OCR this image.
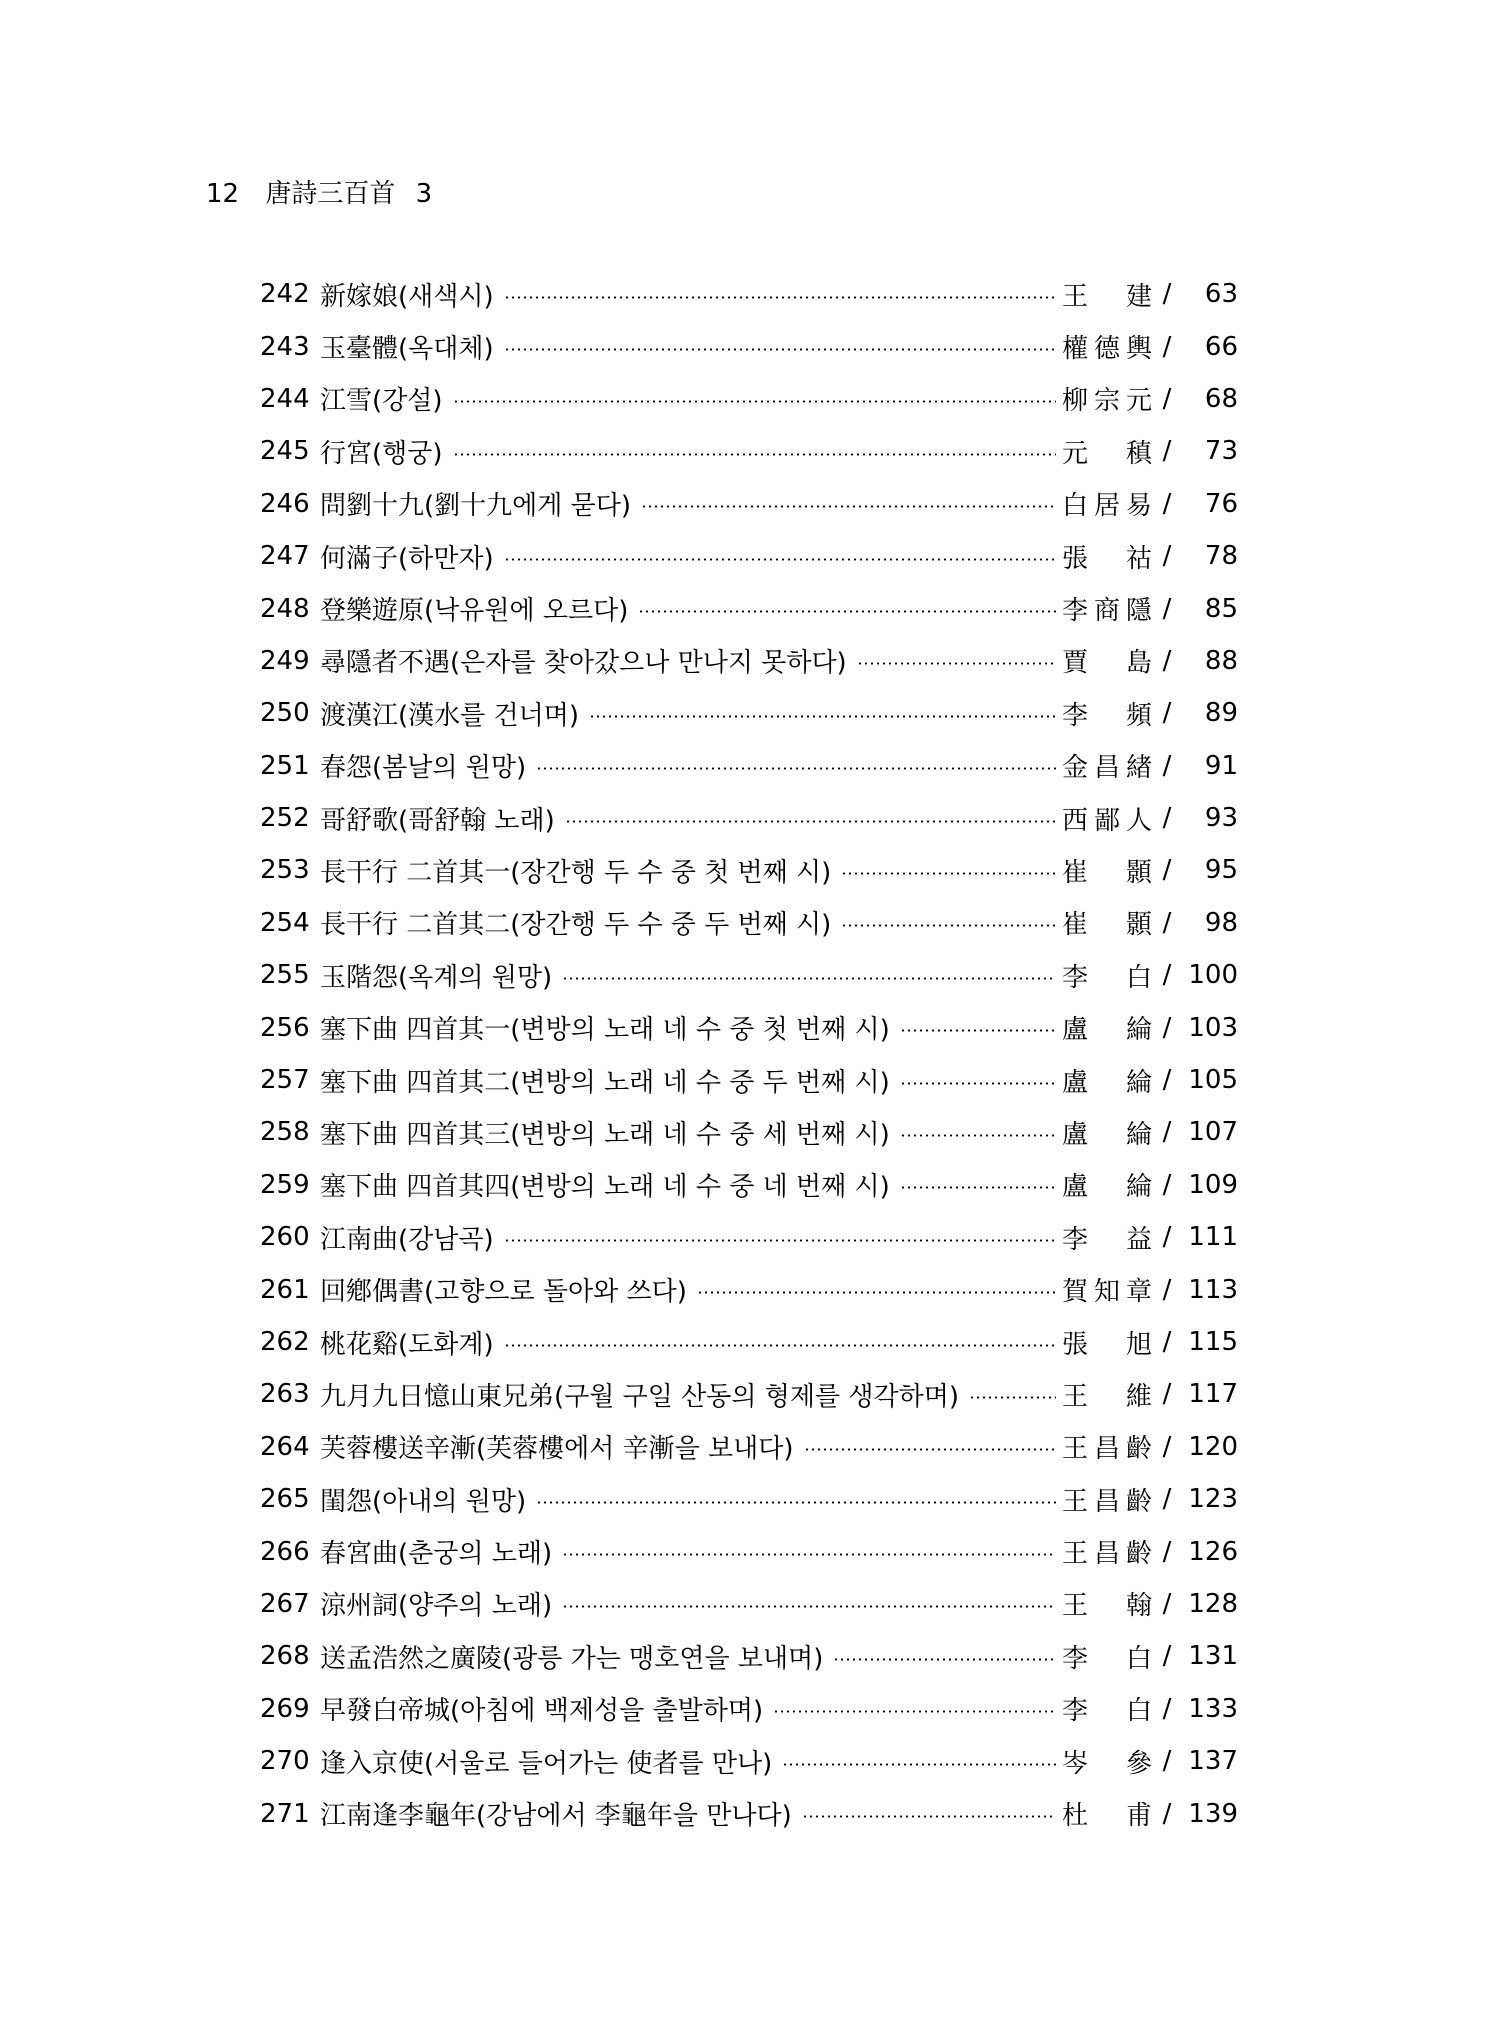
12 唐詩三百首 3
242 新嫁娘(새색시)	王 建 /	63
243 玉臺體(옥대체)	權 德 輿 /	66
244 江雪(강설)	柳 宗 元 /	68
245 行宮(행궁)	元 稹 /	73
246 問劉十九(劉十九에게 묻다)	白 居 易 /	76
247 何滿子(하만자)	張 祜 /	78
248 登樂遊原(낙유원에 오르다)	李 商 隱 /	85
249 尋隱者不遇(은자를 찾아갔으나 만나지 못하다)	賈 島 /	88
250 渡漢江(漢水를 건너며)	李 頻 /	89
251 春怨(봄날의 원망)	金 昌 緖 /	91
252 哥舒歌(哥舒翰 노래)	西 鄙 人 /	93
253 長干行 二首其一(장간행 두 수 중 첫 번째 시)	崔 顥 /	95
254 長干行 二首其二(장간행 두 수 중 두 번째 시)	崔 顥 /	98
255 玉階怨(옥계의 원망)	李 白 / 100
256 塞下曲 四首其一(변방의 노래 네 수 중 첫 번째 시)	盧 綸 / 103
257 塞下曲 四首其二(변방의 노래 네 수 중 두 번째 시)	盧 綸 / 105
258 塞下曲 四首其三(변방의 노래 네 수 중 세 번째 시)	盧 綸 / 107
259 塞下曲 四首其四(변방의 노래 네 수 중 네 번째 시)	盧 綸 / 109
260 江南曲(강남곡)	李 益 / 111
261 回鄕偶書(고향으로 돌아와 쓰다)	賀 知 章 / 113
262 桃花谿(도화계)	張 旭 / 115
263 九月九日憶山東兄弟(구월 구일 산동의 형제를 생각하며)	王 維 / 117
264 芙蓉樓送辛漸(芙蓉樓에서 辛漸을 보내다)	王 昌 齡 / 120
265 閨怨(아내의 원망)	王 昌 齡 / 123
266 春宮曲(춘궁의 노래)	王 昌 齡 / 126
267 涼州詞(양주의 노래)	王 翰 / 128
268 送孟浩然之廣陵(광릉 가는 맹호연을 보내며)	李 白 / 131
269 早發白帝城(아침에 백제성을 출발하며)	李 白 / 133
270 逢入京使(서울로 들어가는 使者를 만나)	岑 參 / 137
271 江南逢李龜年(강남에서 李龜年을 만나다)	杜 甫 / 139
